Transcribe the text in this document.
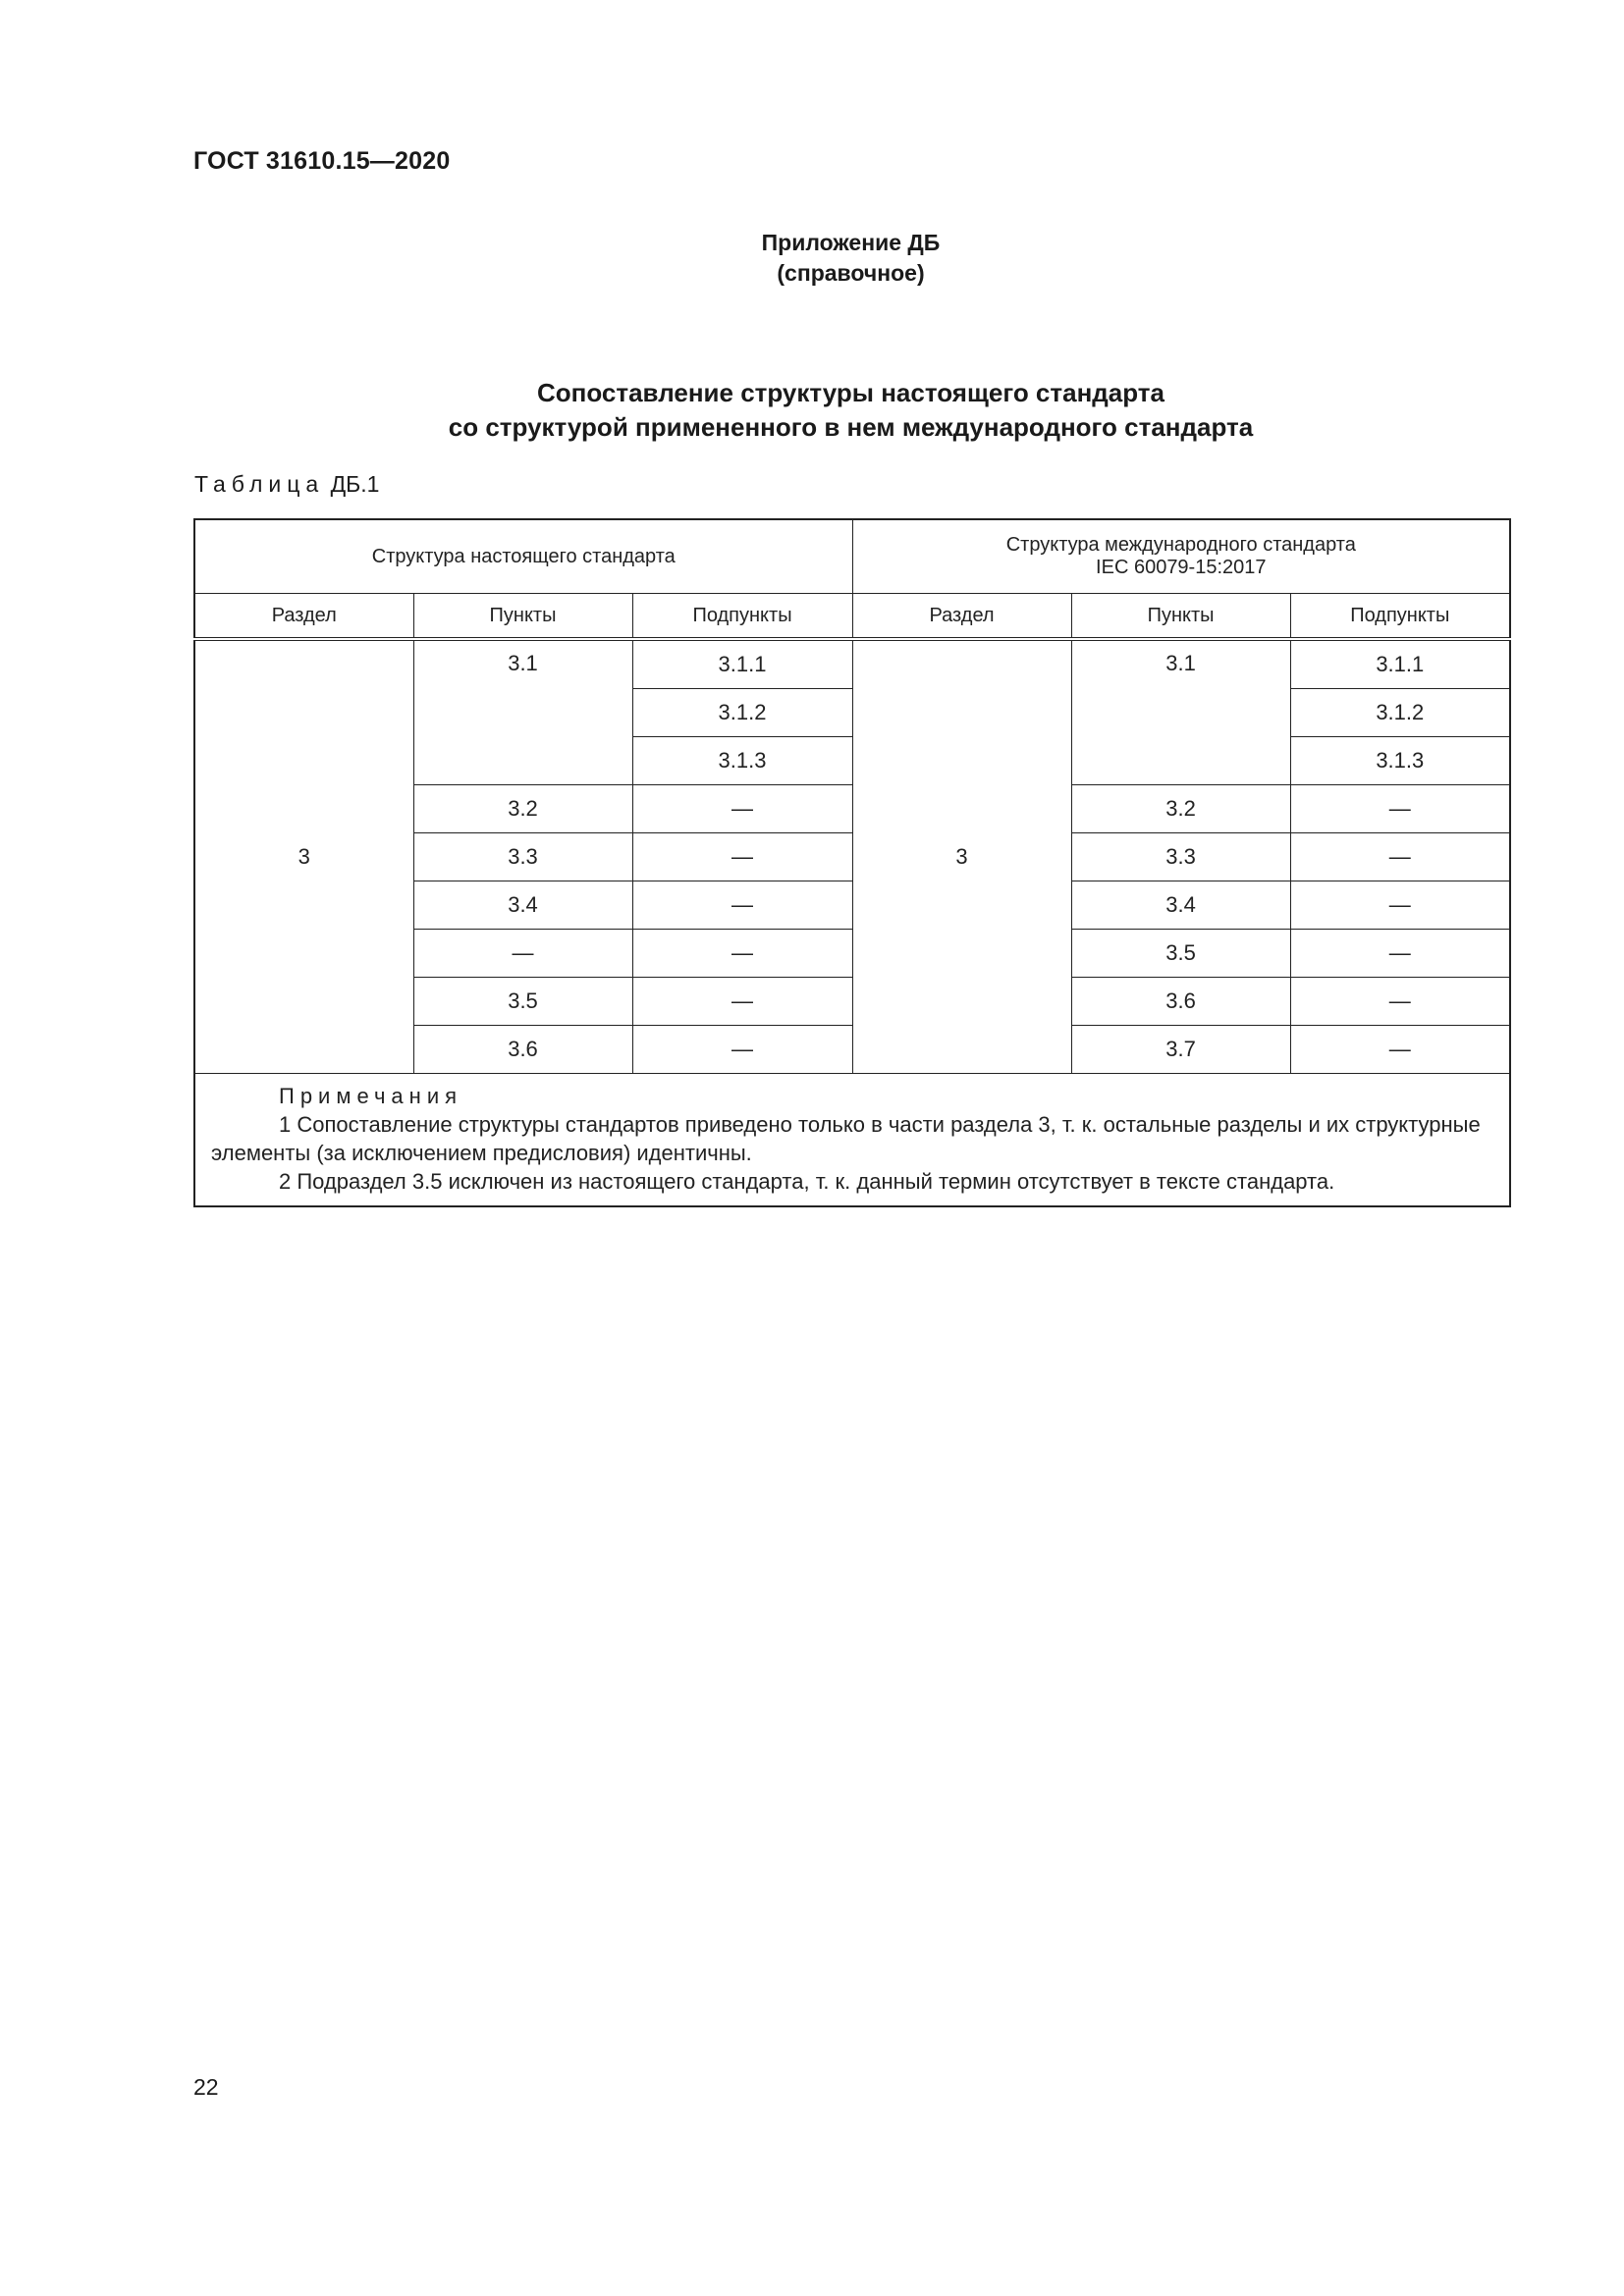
ГОСТ 31610.15—2020
Приложение ДБ
(справочное)
Сопоставление структуры настоящего стандарта
со структурой примененного в нем международного стандарта
Таблица ДБ.1
Структура настоящего стандарта			Структура международного стандарта
IEC 60079-15:2017		

Раздел	Пункты	Подпункты	Раздел	Пункты	Подпункты
3	3.1	3.1.1	3	3.1	3.1.1
		3.1.2			3.1.2
		3.1.3			3.1.3
	3.2	—		3.2	—
	3.3	—		3.3	—
	3.4	—		3.4	—
	—	—		3.5	—
	3.5	—		3.6	—
	3.6	—		3.7	—

Примечания
1 Сопоставление структуры стандартов приведено только в части раздела 3, т. к. остальные разделы и их структурные элементы (за исключением предисловия) идентичны.
2 Подраздел 3.5 исключен из настоящего стандарта, т. к. данный термин отсутствует в тексте стандарта.					
22
